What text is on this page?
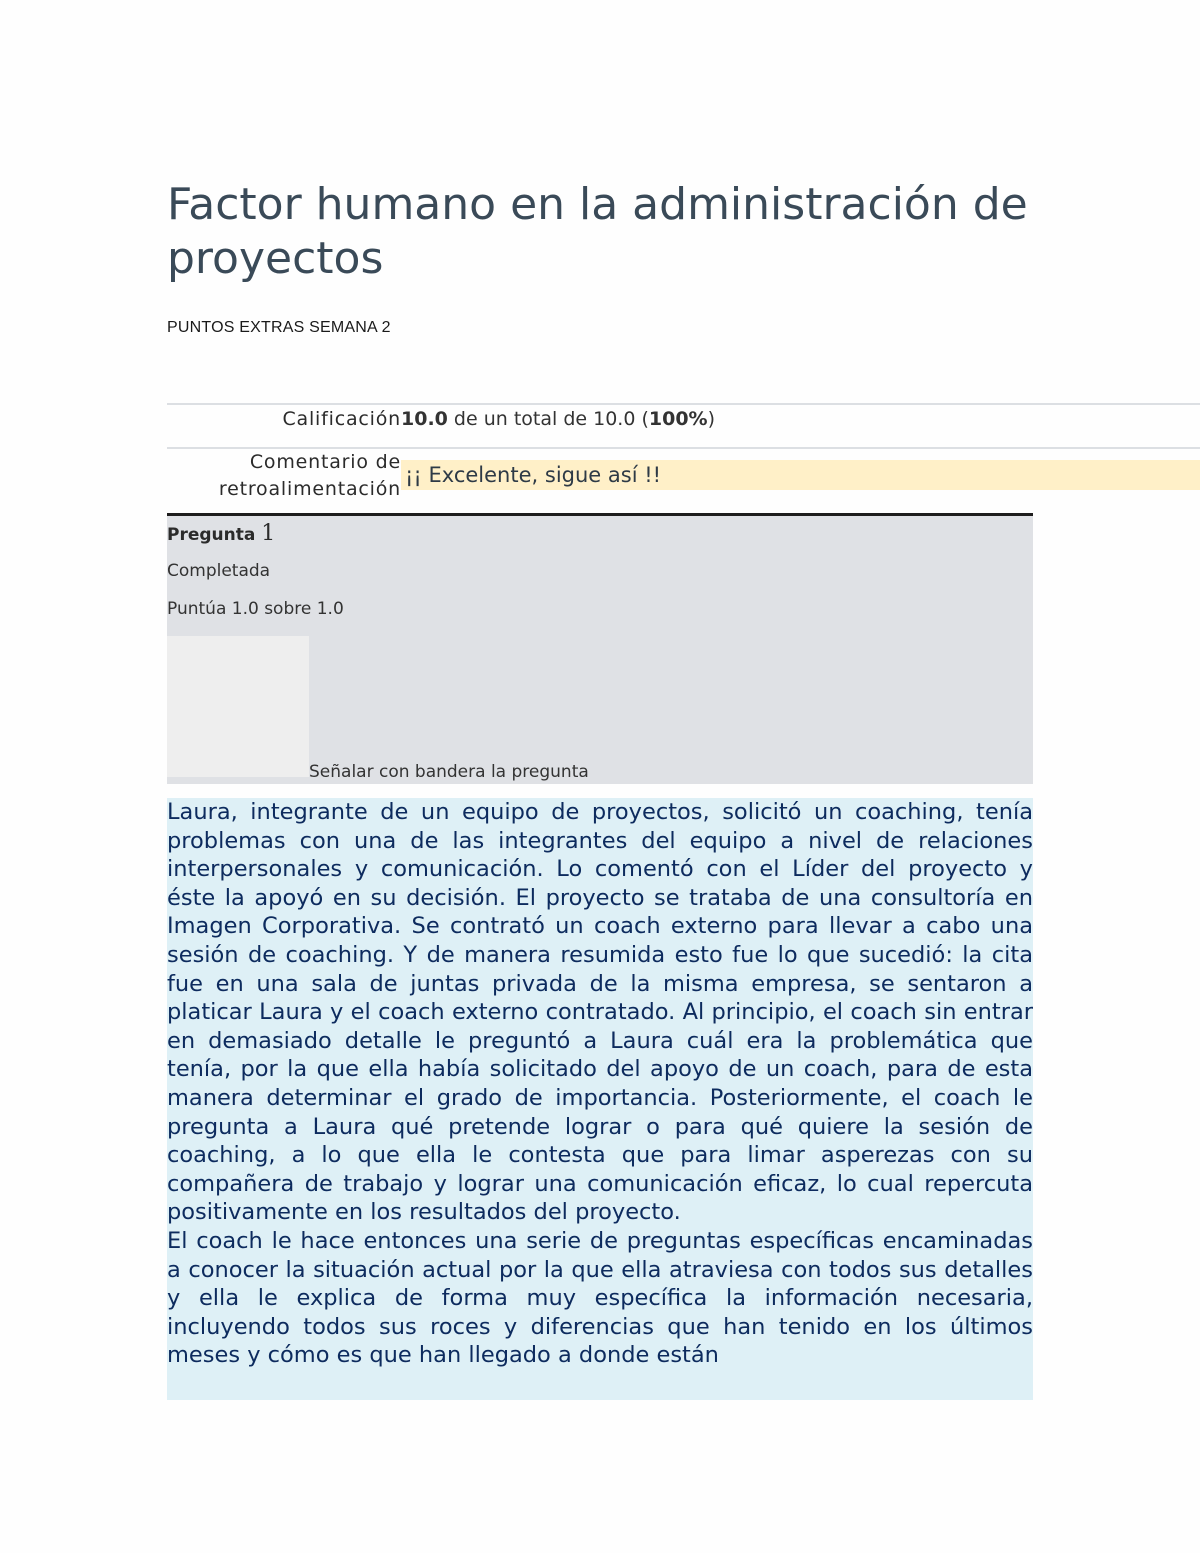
Factor humano en la administración de proyectos
PUNTOS EXTRAS SEMANA 2
Calificación 10.0 de un total de 10.0 (100%)
Comentario de retroalimentación
¡¡ Excelente, sigue así !!
Pregunta 1
Completada
Puntúa 1.0 sobre 1.0
Señalar con bandera la pregunta

Laura, integrante de un equipo de proyectos, solicitó un coaching, tenía problemas con una de las integrantes del equipo a nivel de relaciones interpersonales y comunicación. Lo comentó con el Líder del proyecto y éste la apoyó en su decisión. El proyecto se trataba de una consultoría en Imagen Corporativa. Se contrató un coach externo para llevar a cabo una sesión de coaching. Y de manera resumida esto fue lo que sucedió: la cita fue en una sala de juntas privada de la misma empresa, se sentaron a platicar Laura y el coach externo contratado. Al principio, el coach sin entrar en demasiado detalle le preguntó a Laura cuál era la problemática que tenía, por la que ella había solicitado del apoyo de un coach, para de esta manera determinar el grado de importancia. Posteriormente, el coach le pregunta a Laura qué pretende lograr o para qué quiere la sesión de coaching, a lo que ella le contesta que para limar asperezas con su compañera de trabajo y lograr una comunicación eficaz, lo cual repercuta positivamente en los resultados del proyecto.
El coach le hace entonces una serie de preguntas específicas encaminadas a conocer la situación actual por la que ella atraviesa con todos sus detalles y ella le explica de forma muy específica la información necesaria, incluyendo todos sus roces y diferencias que han tenido en los últimos meses y cómo es que han llegado a donde están
